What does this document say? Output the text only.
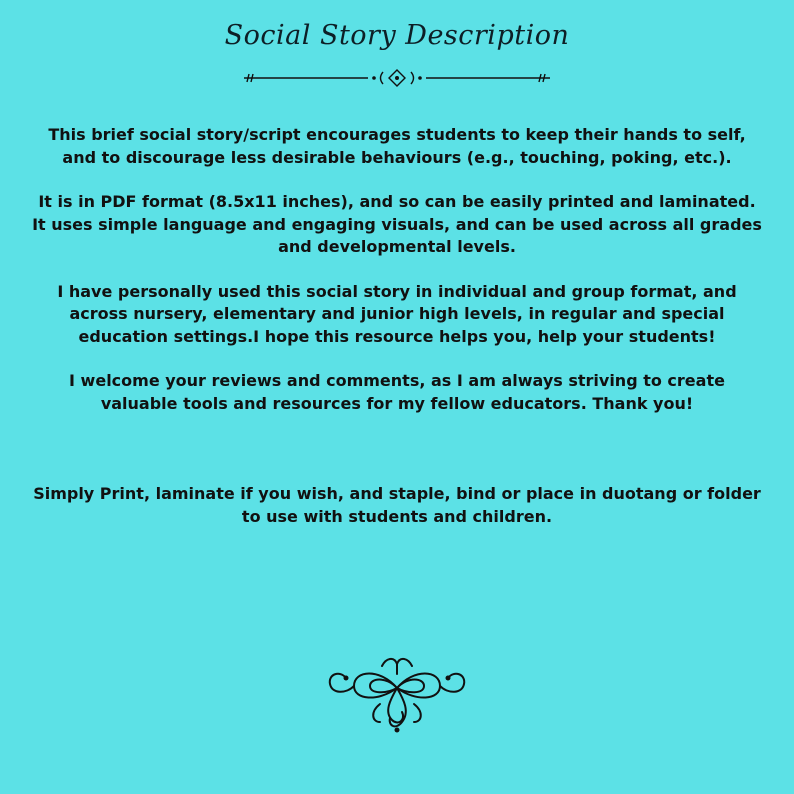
Social Story Description

This brief social story/script encourages students to keep their hands to self, and to discourage less desirable behaviours (e.g., touching, poking, etc.).

It is in PDF format (8.5x11 inches), and so can be easily printed and laminated. It uses simple language and engaging visuals, and can be used across all grades and developmental levels.

I have personally used this social story in individual and group format, and across nursery, elementary and junior high levels, in regular and special education settings.I hope this resource helps you, help your students!

I welcome your reviews and comments, as I am always striving to create valuable tools and resources for my fellow educators. Thank you!

Simply Print, laminate if you wish, and staple, bind or place in duotang or folder to use with students and children.
